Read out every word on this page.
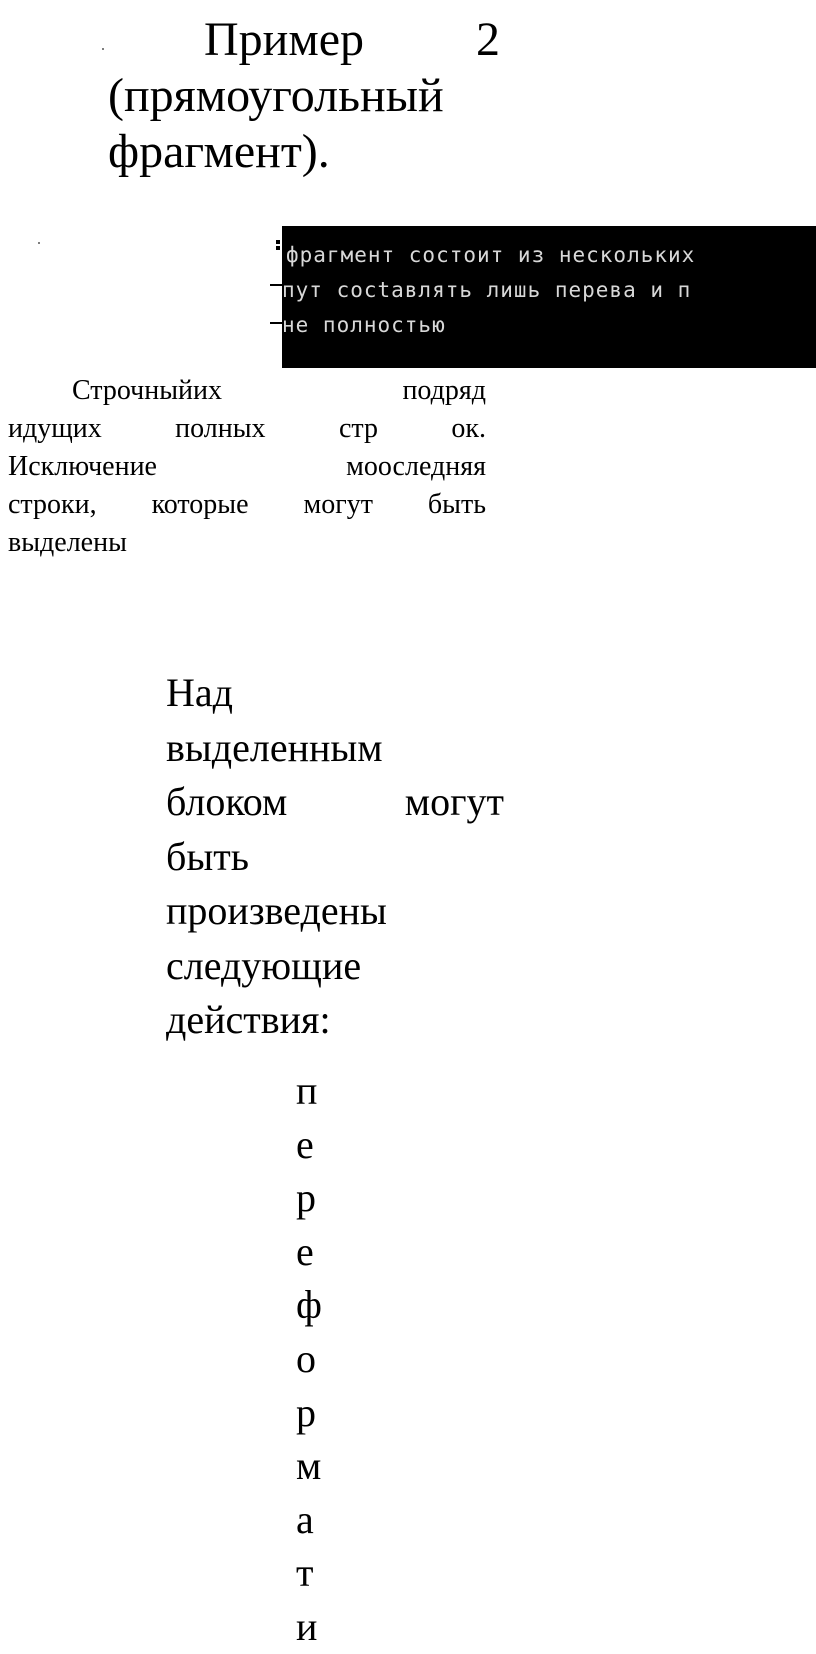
Пример 2
(прямоугольный
фрагмент).
фрагмент состоит из нескольких
пут сосtавлять лишь перевa и п
не полностью
Строчныйих	подряд
идущих	полных	стр	ок.
Исключение	мооследняя
строки, которые могут быть
выделены
Над
выделенным
блоком	могут
быть
произведены
следующие
действия:
п
е
р
е
ф
о
р
м
а
т
и
